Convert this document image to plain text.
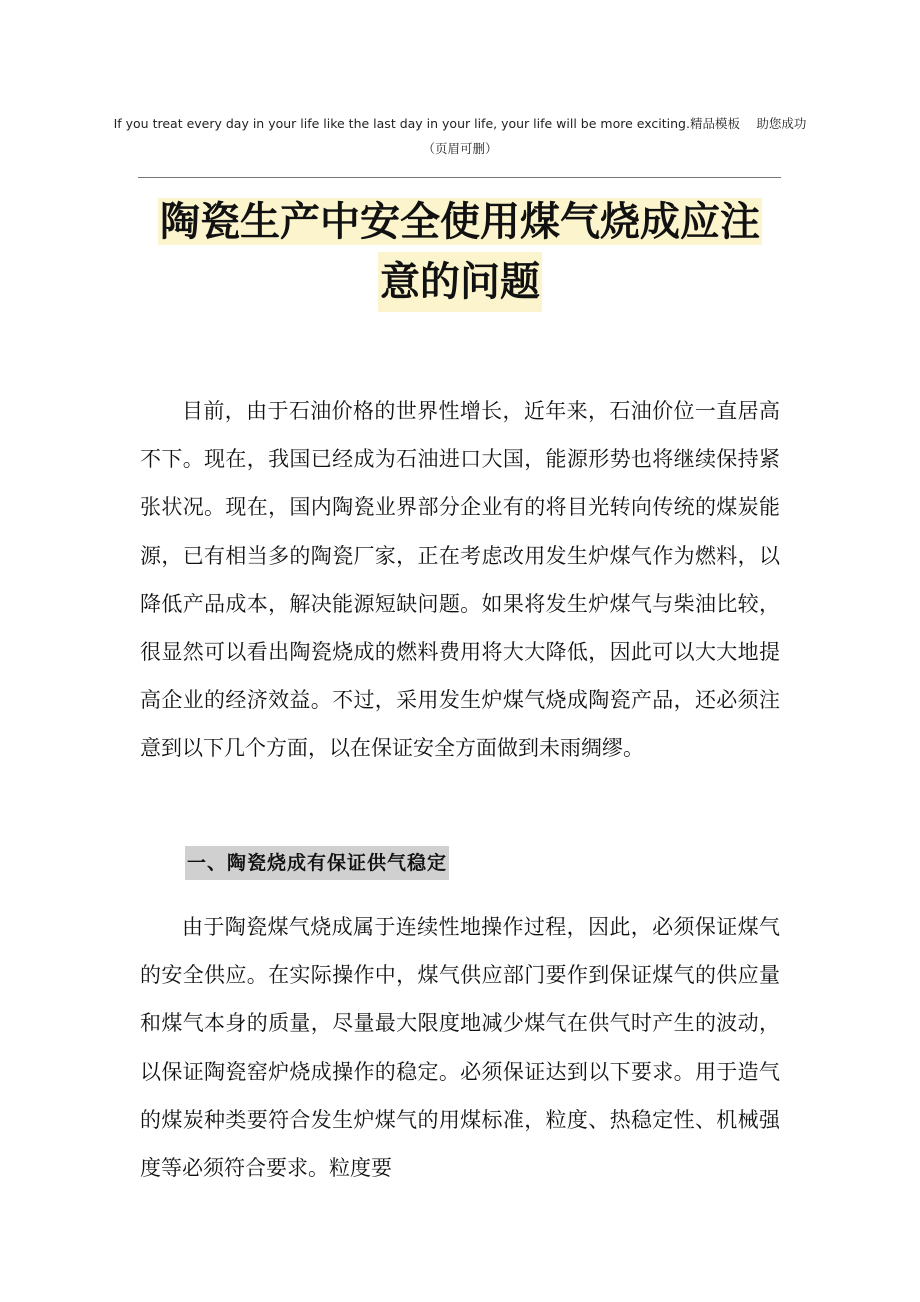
If you treat every day in your life like the last day in your life, your life will be more exciting.精品模板　 助您成功
（页眉可删）
陶瓷生产中安全使用煤气烧成应注
意的问题
目前，由于石油价格的世界性增长，近年来，石油价位一直居高不下。现在，我国已经成为石油进口大国，能源形势也将继续保持紧张状况。现在，国内陶瓷业界部分企业有的将目光转向传统的煤炭能源，已有相当多的陶瓷厂家，正在考虑改用发生炉煤气作为燃料，以降低产品成本，解决能源短缺问题。如果将发生炉煤气与柴油比较，很显然可以看出陶瓷烧成的燃料费用将大大降低，因此可以大大地提高企业的经济效益。不过，采用发生炉煤气烧成陶瓷产品，还必须注意到以下几个方面，以在保证安全方面做到未雨绸缪。
一、陶瓷烧成有保证供气稳定
由于陶瓷煤气烧成属于连续性地操作过程，因此，必须保证煤气的安全供应。在实际操作中，煤气供应部门要作到保证煤气的供应量和煤气本身的质量，尽量最大限度地减少煤气在供气时产生的波动，以保证陶瓷窑炉烧成操作的稳定。必须保证达到以下要求。用于造气的煤炭种类要符合发生炉煤气的用煤标准，粒度、热稳定性、机械强度等必须符合要求。粒度要
